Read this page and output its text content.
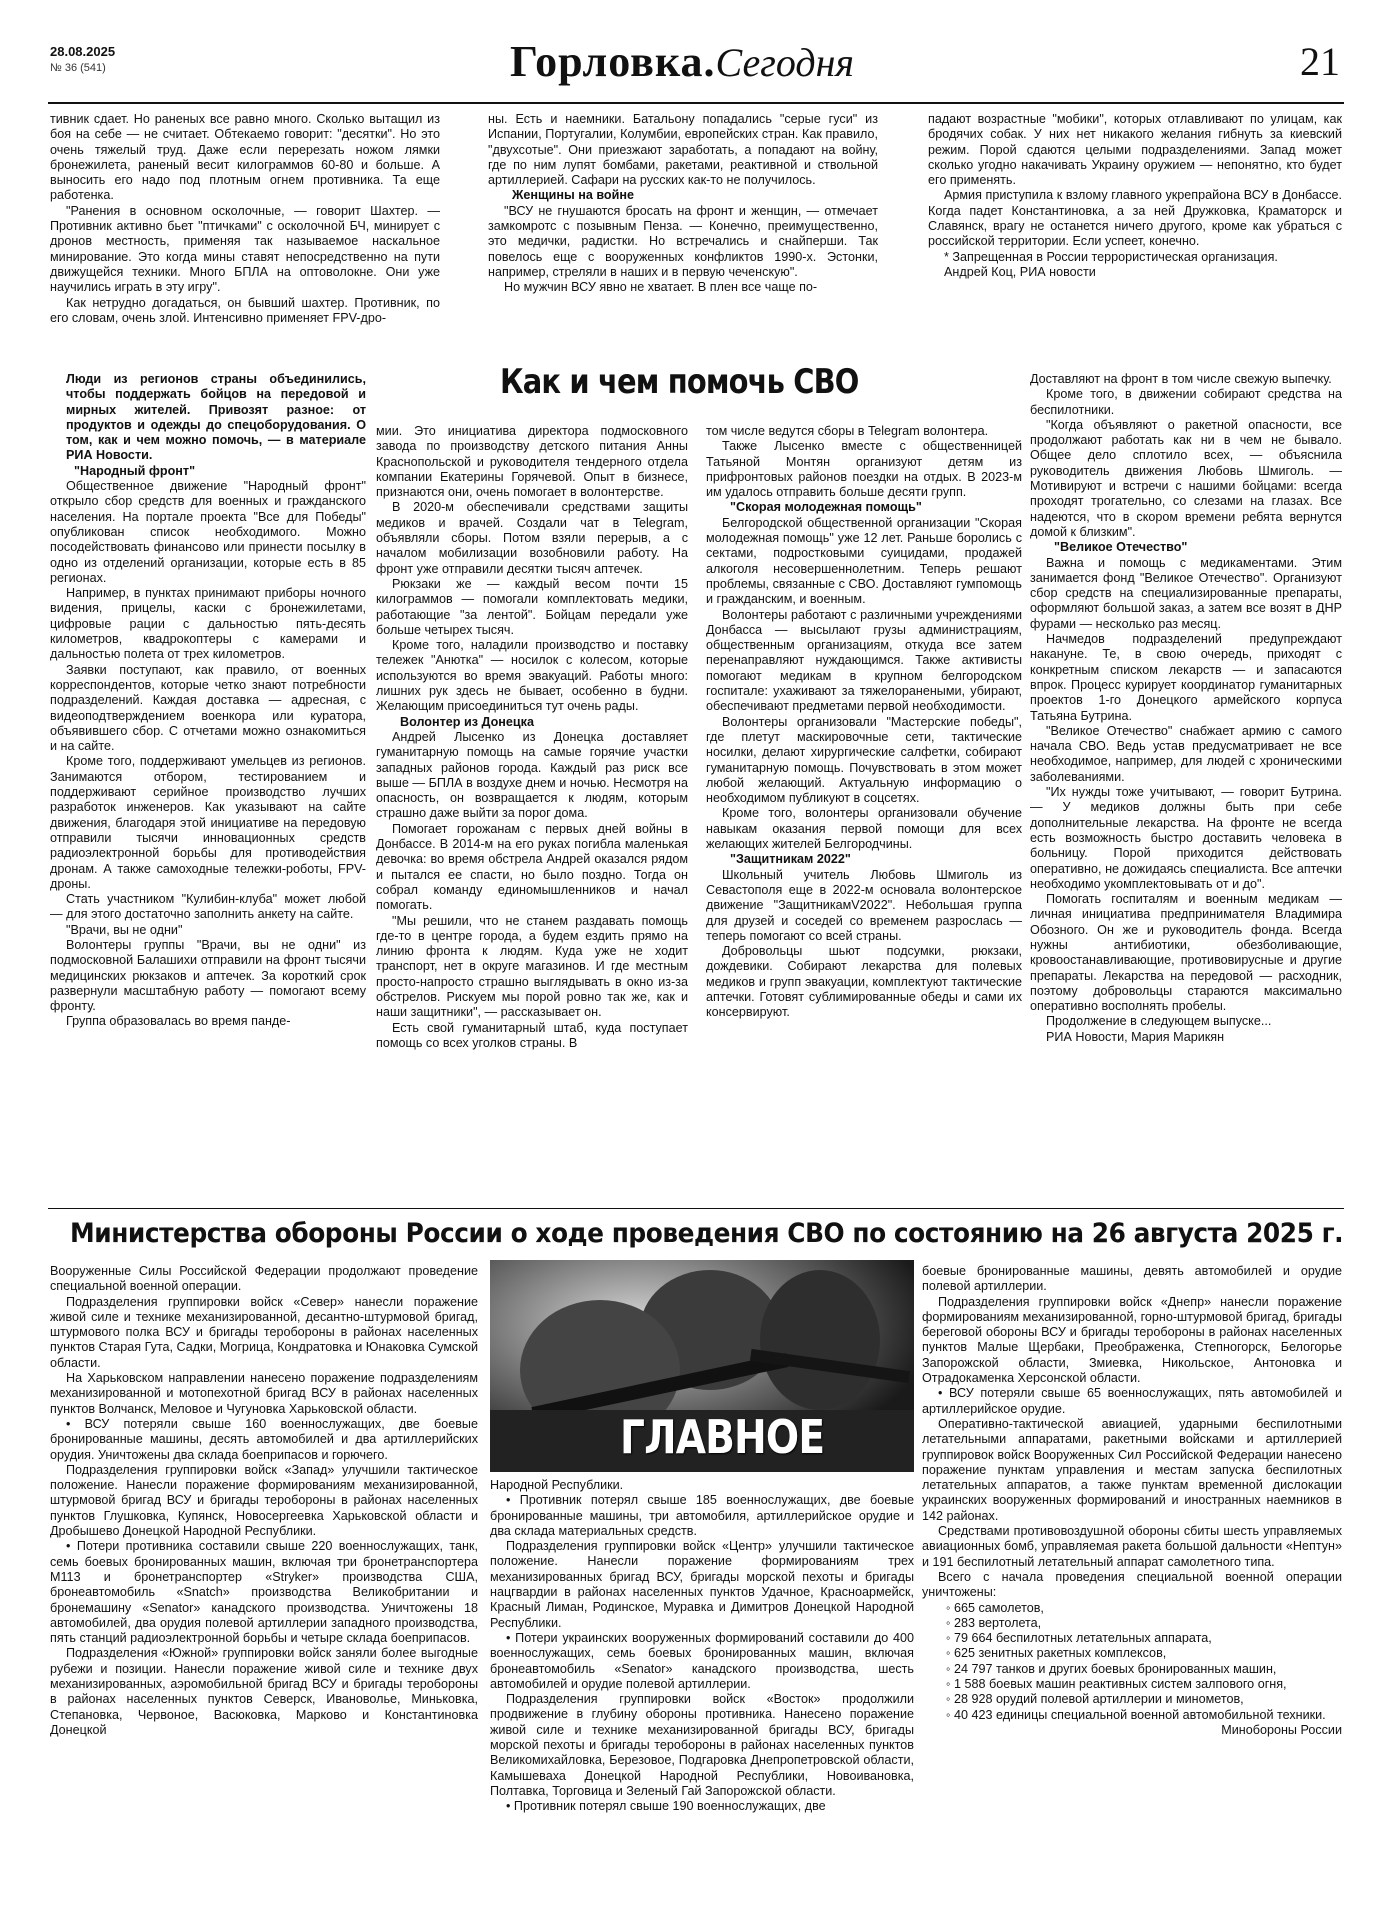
28.08.2025
№ 36 (541)	Горловка.Сегодня	21

тивник сдает. Но раненых все равно много. Сколько вытащил из боя на себе — не считает. Обтекаемо говорит: "десятки". Но это очень тяжелый труд. Даже если перерезать ножом лямки бронежилета, раненый весит килограммов 60-80 и больше. А выносить его надо под плотным огнем противника. Та еще работенка.

"Ранения в основном осколочные, — говорит Шахтер. — Противник активно бьет "птичками" с осколочной БЧ, минирует с дронов местность, применяя так называемое наскальное минирование. Это когда мины ставят непосредственно на пути движущейся техники. Много БПЛА на оптоволокне. Они уже научились играть в эту игру".

Как нетрудно догадаться, он бывший шахтер. Противник, по его словам, очень злой. Интенсивно применяет FPV-дро-

ны. Есть и наемники. Батальону попадались "серые гуси" из Испании, Португалии, Колумбии, европейских стран. Как правило, "двухсотые". Они приезжают заработать, а попадают на войну, где по ним лупят бомбами, ракетами, реактивной и ствольной артиллерией. Сафари на русских как-то не получилось.

Женщины на войне

"ВСУ не гнушаются бросать на фронт и женщин, — отмечает замкомротс с позывным Пенза. — Конечно, преимущественно, это медички, радистки. Но встречались и снайперши. Так повелось еще с вооруженных конфликтов 1990-х. Эстонки, например, стреляли в наших и в первую чеченскую".

Но мужчин ВСУ явно не хватает. В плен все чаще по-

падают возрастные "мобики", которых отлавливают по улицам, как бродячих собак. У них нет никакого желания гибнуть за киевский режим. Порой сдаются целыми подразделениями. Запад может сколько угодно накачивать Украину оружием — непонятно, кто будет его применять.

Армия приступила к взлому главного укрепрайона ВСУ в Донбассе. Когда падет Константиновка, а за ней Дружковка, Краматорск и Славянск, врагу не останется ничего другого, кроме как убраться с российской территории. Если успеет, конечно.

* Запрещенная в России террористическая организация.

Андрей Коц, РИА новости

Как и чем помочь СВО

Люди из регионов страны объединились, чтобы поддержать бойцов на передовой и мирных жителей. Привозят разное: от продуктов и одежды до спецоборудования. О том, как и чем можно помочь, — в материале РИА Новости.

"Народный фронт"

Общественное движение "Народный фронт" открыло сбор средств для военных и гражданского населения. На портале проекта "Все для Победы" опубликован список необходимого. Можно посодействовать финансово или принести посылку в одно из отделений организации, которые есть в 85 регионах.

Например, в пунктах принимают приборы ночного видения, прицелы, каски с бронежилетами, цифровые рации с дальностью пять-десять километров, квадрокоптеры с камерами и дальностью полета от трех километров.

Заявки поступают, как правило, от военных корреспондентов, которые четко знают потребности подразделений. Каждая доставка — адресная, с видеоподтверждением военкора или куратора, объявившего сбор. С отчетами можно ознакомиться и на сайте.

Кроме того, поддерживают умельцев из регионов. Занимаются отбором, тестированием и поддерживают серийное производство лучших разработок инженеров. Как указывают на сайте движения, благодаря этой инициативе на передовую отправили тысячи инновационных средств радиоэлектронной борьбы для противодействия дронам. А также самоходные тележки-роботы, FPV-дроны.

Стать участником "Кулибин-клуба" может любой — для этого достаточно заполнить анкету на сайте.

"Врачи, вы не одни"

Волонтеры группы "Врачи, вы не одни" из подмосковной Балашихи отправили на фронт тысячи медицинских рюкзаков и аптечек. За короткий срок развернули масштабную работу — помогают всему фронту.

Группа образовалась во время панде-

мии. Это инициатива директора подмосковного завода по производству детского питания Анны Краснопольской и руководителя тендерного отдела компании Екатерины Горячевой. Опыт в бизнесе, признаются они, очень помогает в волонтерстве.

В 2020-м обеспечивали средствами защиты медиков и врачей. Создали чат в Telegram, объявляли сборы. Потом взяли перерыв, а с началом мобилизации возобновили работу. На фронт уже отправили десятки тысяч аптечек.

Рюкзаки же — каждый весом почти 15 килограммов — помогали комплектовать медики, работающие "за лентой". Бойцам передали уже больше четырех тысяч.

Кроме того, наладили производство и поставку тележек "Анютка" — носилок с колесом, которые используются во время эвакуаций. Работы много: лишних рук здесь не бывает, особенно в будни. Желающим присоединиться тут очень рады.

Волонтер из Донецка

Андрей Лысенко из Донецка доставляет гуманитарную помощь на самые горячие участки западных районов города. Каждый раз риск все выше — БПЛА в воздухе днем и ночью. Несмотря на опасность, он возвращается к людям, которым страшно даже выйти за порог дома.

Помогает горожанам с первых дней войны в Донбассе. В 2014-м на его руках погибла маленькая девочка: во время обстрела Андрей оказался рядом и пытался ее спасти, но было поздно. Тогда он собрал команду единомышленников и начал помогать.

"Мы решили, что не станем раздавать помощь где-то в центре города, а будем ездить прямо на линию фронта к людям. Куда уже не ходит транспорт, нет в округе магазинов. И где местным просто-напросто страшно выглядывать в окно из-за обстрелов. Рискуем мы порой ровно так же, как и наши защитники", — рассказывает он.

Есть свой гуманитарный штаб, куда поступает помощь со всех уголков страны. В

том числе ведутся сборы в Telegram волонтера.

Также Лысенко вместе с общественницей Татьяной Монтян организуют детям из прифронтовых районов поездки на отдых. В 2023-м им удалось отправить больше десяти групп.

"Скорая молодежная помощь"

Белгородской общественной организации "Скорая молодежная помощь" уже 12 лет. Раньше боролись с сектами, подростковыми суицидами, продажей алкоголя несовершеннолетним. Теперь решают проблемы, связанные с СВО. Доставляют гумпомощь и гражданским, и военным.

Волонтеры работают с различными учреждениями Донбасса — высылают грузы администрациям, общественным организациям, откуда все затем перенаправляют нуждающимся. Также активисты помогают медикам в крупном белгородском госпитале: ухаживают за тяжелоранеными, убирают, обеспечивают предметами первой необходимости.

Волонтеры организовали "Мастерские победы", где плетут маскировочные сети, тактические носилки, делают хирургические салфетки, собирают гуманитарную помощь. Почувствовать в этом может любой желающий. Актуальную информацию о необходимом публикуют в соцсетях.

Кроме того, волонтеры организовали обучение навыкам оказания первой помощи для всех желающих жителей Белгородчины.

"Защитникам 2022"

Школьный учитель Любовь Шмиголь из Севастополя еще в 2022-м основала волонтерское движение "ЗащитникамV2022". Небольшая группа для друзей и соседей со временем разрослась — теперь помогают со всей страны.

Добровольцы шьют подсумки, рюкзаки, дождевики. Собирают лекарства для полевых медиков и групп эвакуации, комплектуют тактические аптечки. Готовят сублимированные обеды и сами их консервируют.

Доставляют на фронт в том числе свежую выпечку.

Кроме того, в движении собирают средства на беспилотники.

"Когда объявляют о ракетной опасности, все продолжают работать как ни в чем не бывало. Общее дело сплотило всех, — объяснила руководитель движения Любовь Шмиголь. — Мотивируют и встречи с нашими бойцами: всегда проходят трогательно, со слезами на глазах. Все надеются, что в скором времени ребята вернутся домой к близким".

"Великое Отечество"

Важна и помощь с медикаментами. Этим занимается фонд "Великое Отечество". Организуют сбор средств на специализированные препараты, оформляют большой заказ, а затем все возят в ДНР фурами — несколько раз месяц.

Начмедов подразделений предупреждают накануне. Те, в свою очередь, приходят с конкретным списком лекарств — и запасаются впрок. Процесс курирует координатор гуманитарных проектов 1-го Донецкого армейского корпуса Татьяна Бутрина.

"Великое Отечество" снабжает армию с самого начала СВО. Ведь устав предусматривает не все необходимое, например, для людей с хроническими заболеваниями.

"Их нужды тоже учитывают, — говорит Бутрина. — У медиков должны быть при себе дополнительные лекарства. На фронте не всегда есть возможность быстро доставить человека в больницу. Порой приходится действовать оперативно, не дожидаясь специалиста. Все аптечки необходимо укомплектовывать от и до".

Помогать госпиталям и военным медикам — личная инициатива предпринимателя Владимира Обозного. Он же и руководитель фонда. Всегда нужны антибиотики, обезболивающие, кровоостанавливающие, противовирусные и другие препараты. Лекарства на передовой — расходник, поэтому добровольцы стараются максимально оперативно восполнять пробелы.

Продолжение в следующем выпуске...

РИА Новости, Мария Марикян

Министерства обороны России о ходе проведения СВО по состоянию на 26 августа 2025 г.
ГЛАВНОЕ

Вооруженные Силы Российской Федерации продолжают проведение специальной военной операции.

Подразделения группировки войск «Север» нанесли поражение живой силе и технике механизированной, десантно-штурмовой бригад, штурмового полка ВСУ и бригады теробороны в районах населенных пунктов Старая Гута, Садки, Могрица, Кондратовка и Юнаковка Сумской области.

На Харьковском направлении нанесено поражение подразделениям механизированной и мотопехотной бригад ВСУ в районах населенных пунктов Волчанск, Меловое и Чугуновка Харьковской области.

• ВСУ потеряли свыше 160 военнослужащих, две боевые бронированные машины, десять автомобилей и два артиллерийских орудия. Уничтожены два склада боеприпасов и горючего.

Подразделения группировки войск «Запад» улучшили тактическое положение. Нанесли поражение формированиям механизированной, штурмовой бригад ВСУ и бригады теробороны в районах населенных пунктов Глушковка, Купянск, Новосергеевка Харьковской области и Дробышево Донецкой Народной Республики.

• Потери противника составили свыше 220 военнослужащих, танк, семь боевых бронированных машин, включая три бронетранспортера M113 и бронетранспортер «Stryker» производства США, бронеавтомобиль «Snatch» производства Великобритании и бронемашину «Senator» канадского производства. Уничтожены 18 автомобилей, два орудия полевой артиллерии западного производства, пять станций радиоэлектронной борьбы и четыре склада боеприпасов.

Подразделения «Южной» группировки войск заняли более выгодные рубежи и позиции. Нанесли поражение живой силе и технике двух механизированных, аэромобильной бригад ВСУ и бригады теробороны в районах населенных пунктов Северск, Ивановолье, Миньковка, Степановка, Червоное, Васюковка, Марково и Константиновка Донецкой

Народной Республики.

• Противник потерял свыше 185 военнослужащих, две боевые бронированные машины, три автомобиля, артиллерийское орудие и два склада материальных средств.

Подразделения группировки войск «Центр» улучшили тактическое положение. Нанесли поражение формированиям трех механизированных бригад ВСУ, бригады морской пехоты и бригады нацгвардии в районах населенных пунктов Удачное, Красноармейск, Красный Лиман, Родинское, Муравка и Димитров Донецкой Народной Республики.

• Потери украинских вооруженных формирований составили до 400 военнослужащих, семь боевых бронированных машин, включая бронеавтомобиль «Senator» канадского производства, шесть автомобилей и орудие полевой артиллерии.

Подразделения группировки войск «Восток» продолжили продвижение в глубину обороны противника. Нанесено поражение живой силе и технике механизированной бригады ВСУ, бригады морской пехоты и бригады теробороны в районах населенных пунктов Великомихайловка, Березовое, Подгаровка Днепропетровской области, Камышеваха Донецкой Народной Республики, Новоивановка, Полтавка, Торговица и Зеленый Гай Запорожской области.

• Противник потерял свыше 190 военнослужащих, две

боевые бронированные машины, девять автомобилей и орудие полевой артиллерии.

Подразделения группировки войск «Днепр» нанесли поражение формированиям механизированной, горно-штурмовой бригад, бригады береговой обороны ВСУ и бригады теробороны в районах населенных пунктов Малые Щербаки, Преображенка, Степногорск, Белогорье Запорожской области, Змиевка, Никольское, Антоновка и Отрадокаменка Херсонской области.

• ВСУ потеряли свыше 65 военнослужащих, пять автомобилей и артиллерийское орудие.

Оперативно-тактической авиацией, ударными беспилотными летательными аппаратами, ракетными войсками и артиллерией группировок войск Вооруженных Сил Российской Федерации нанесено поражение пунктам управления и местам запуска беспилотных летательных аппаратов, а также пунктам временной дислокации украинских вооруженных формирований и иностранных наемников в 142 районах.

Средствами противовоздушной обороны сбиты шесть управляемых авиационных бомб, управляемая ракета большой дальности «Нептун» и 191 беспилотный летательный аппарат самолетного типа.

Всего с начала проведения специальной военной операции уничтожены:

◦ 665 самолетов,

◦ 283 вертолета,

◦ 79 664 беспилотных летательных аппарата,

◦ 625 зенитных ракетных комплексов,

◦ 24 797 танков и других боевых бронированных машин,

◦ 1 588 боевых машин реактивных систем залпового огня,

◦ 28 928 орудий полевой артиллерии и минометов,

◦ 40 423 единицы специальной военной автомобильной техники.

Минобороны России
